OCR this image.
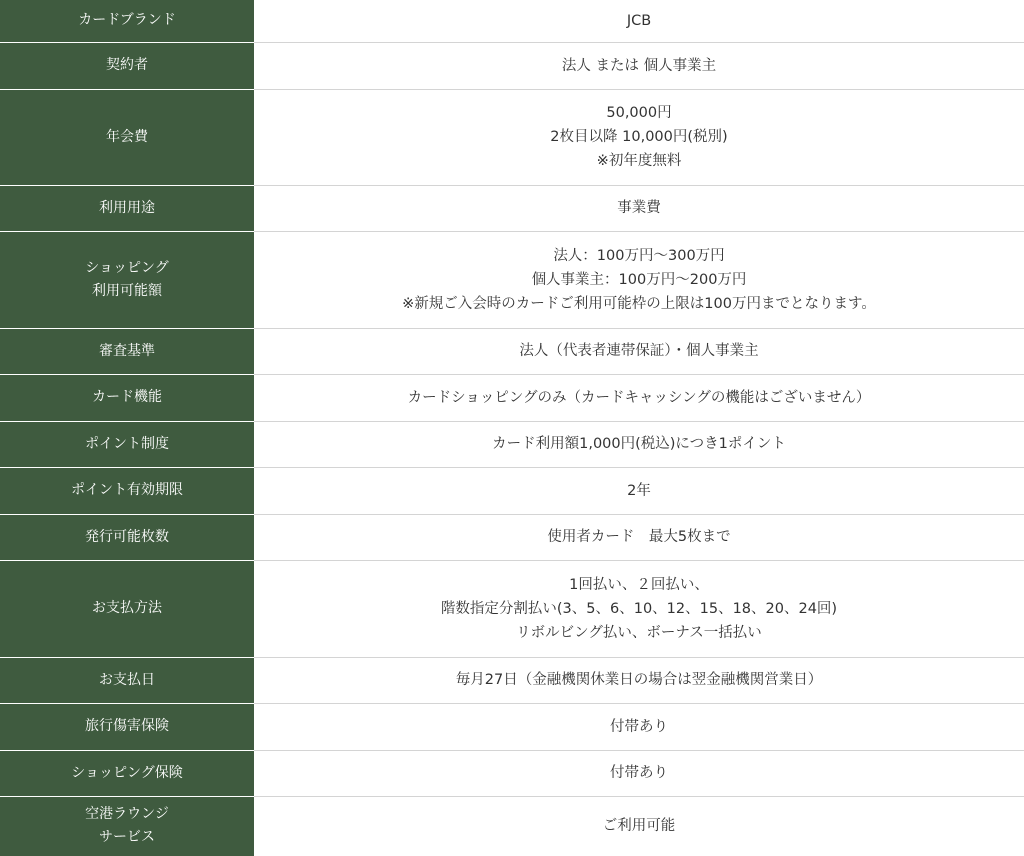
カードブランド	JCB

契約者	法人 または 個人事業主

年会費	50,000円
2枚目以降 10,000円(税別)
※初年度無料

利用用途	事業費

ショッピング
利用可能額	法人：100万円〜300万円
個人事業主：100万円〜200万円
※新規ご入会時のカードご利用可能枠の上限は100万円までとなります。

審査基準	法人（代表者連帯保証）・個人事業主

カード機能	カードショッピングのみ（カードキャッシングの機能はございません）

ポイント制度	カード利用額1,000円(税込)につき1ポイント

ポイント有効期限	2年

発行可能枚数	使用者カード　最大5枚まで

お支払方法	1回払い、２回払い、
階数指定分割払い(3、5、6、10、12、15、18、20、24回)
リボルビング払い、ボーナス一括払い

お支払日	毎月27日（金融機関休業日の場合は翌金融機関営業日）

旅行傷害保険	付帯あり

ショッピング保険	付帯あり

空港ラウンジ
サービス	ご利用可能
